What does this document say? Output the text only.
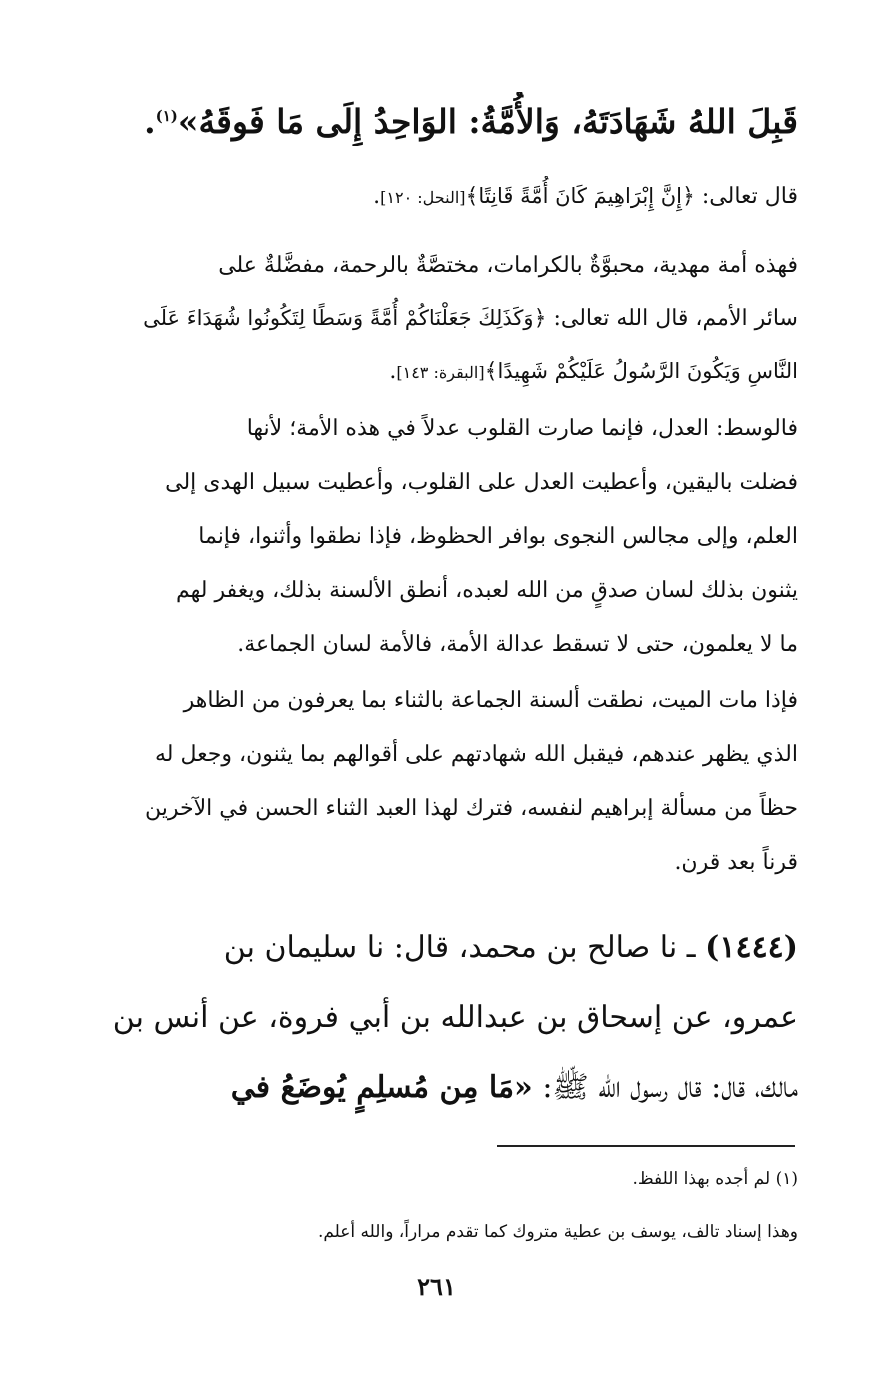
قَبِلَ اللهُ شَهَادَتَهُ، وَالأُمَّةُ: الوَاحِدُ إِلَى مَا فَوقَهُ»$^{(١)}$.
قال تعالى: ﴿إِنَّ إِبْرَاهِيمَ كَانَ أُمَّةً قَانِتًا﴾[النحل: ١٢٠].
فهذه أمة مهدية، محبوَّةٌ بالكرامات، مختصَّةٌ بالرحمة، مفضَّلةٌ على
سائر الأمم، قال الله تعالى: ﴿وَكَذَلِكَ جَعَلْنَاكُمْ أُمَّةً وَسَطًا لِتَكُونُوا شُهَدَاءَ عَلَى
النَّاسِ وَيَكُونَ الرَّسُولُ عَلَيْكُمْ شَهِيدًا﴾[البقرة: ١٤٣].
فالوسط: العدل، فإنما صارت القلوب عدلاً في هذه الأمة؛ لأنها
فضلت باليقين، وأعطيت العدل على القلوب، وأعطيت سبيل الهدى إلى
العلم، وإلى مجالس النجوى بوافر الحظوظ، فإذا نطقوا وأثنوا، فإنما
يثنون بذلك لسان صدقٍ من الله لعبده، أنطق الألسنة بذلك، ويغفر لهم
ما لا يعلمون، حتى لا تسقط عدالة الأمة، فالأمة لسان الجماعة.
فإذا مات الميت، نطقت ألسنة الجماعة بالثناء بما يعرفون من الظاهر
الذي يظهر عندهم، فيقبل الله شهادتهم على أقوالهم بما يثنون، وجعل له
حظاً من مسألة إبراهيم لنفسه، فترك لهذا العبد الثناء الحسن في الآخرين
قرناً بعد قرن.
(١٤٤٤) ـ نا صالح بن محمد، قال: نا سليمان بن
عمرو، عن إسحاق بن عبدالله بن أبي فروة، عن أنس بن
مالك، قال: قال رسول الله ﷺ: «مَا مِن مُسلِمٍ يُوضَعُ في
(١) لم أجده بهذا اللفظ.
وهذا إسناد تالف، يوسف بن عطية متروك كما تقدم مراراً، والله أعلم.
٢٦١
